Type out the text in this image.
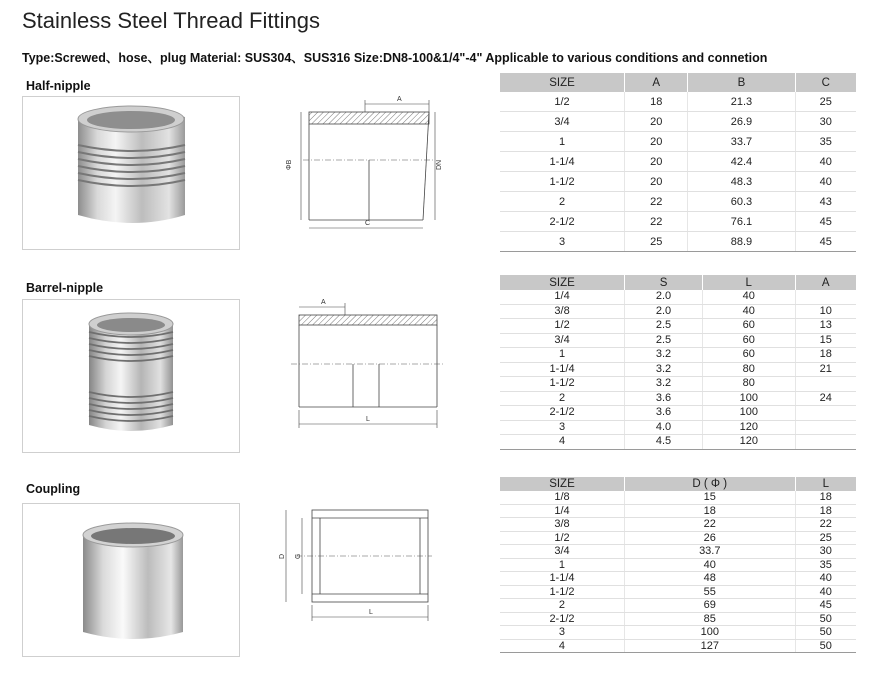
Stainless Steel Thread Fittings
Type:Screwed、hose、plug Material: SUS304、SUS316 Size:DN8-100&1/4"-4" Applicable to various conditions and connetion
Half-nipple
A
ΦB	DN
C
SIZE	A	B	C
1/2	18	21.3	25
3/4	20	26.9	30
1	20	33.7	35
1-1/4	20	42.4	40
1-1/2	20	48.3	40
2	22	60.3	43
2-1/2	22	76.1	45
3	25	88.9	45
Barrel-nipple
A
L
SIZE	S	L	A
1/4	2.0	40	
3/8	2.0	40	10
1/2	2.5	60	13
3/4	2.5	60	15
1	3.2	60	18
1-1/4	3.2	80	21
1-1/2	3.2	80	
2	3.6	100	24
2-1/2	3.6	100	
3	4.0	120	
4	4.5	120	
Coupling
D G
L
SIZE	D ( Φ )	L
1/8	15	18
1/4	18	18
3/8	22	22
1/2	26	25
3/4	33.7	30
1	40	35
1-1/4	48	40
1-1/2	55	40
2	69	45
2-1/2	85	50
3	100	50
4	127	50
